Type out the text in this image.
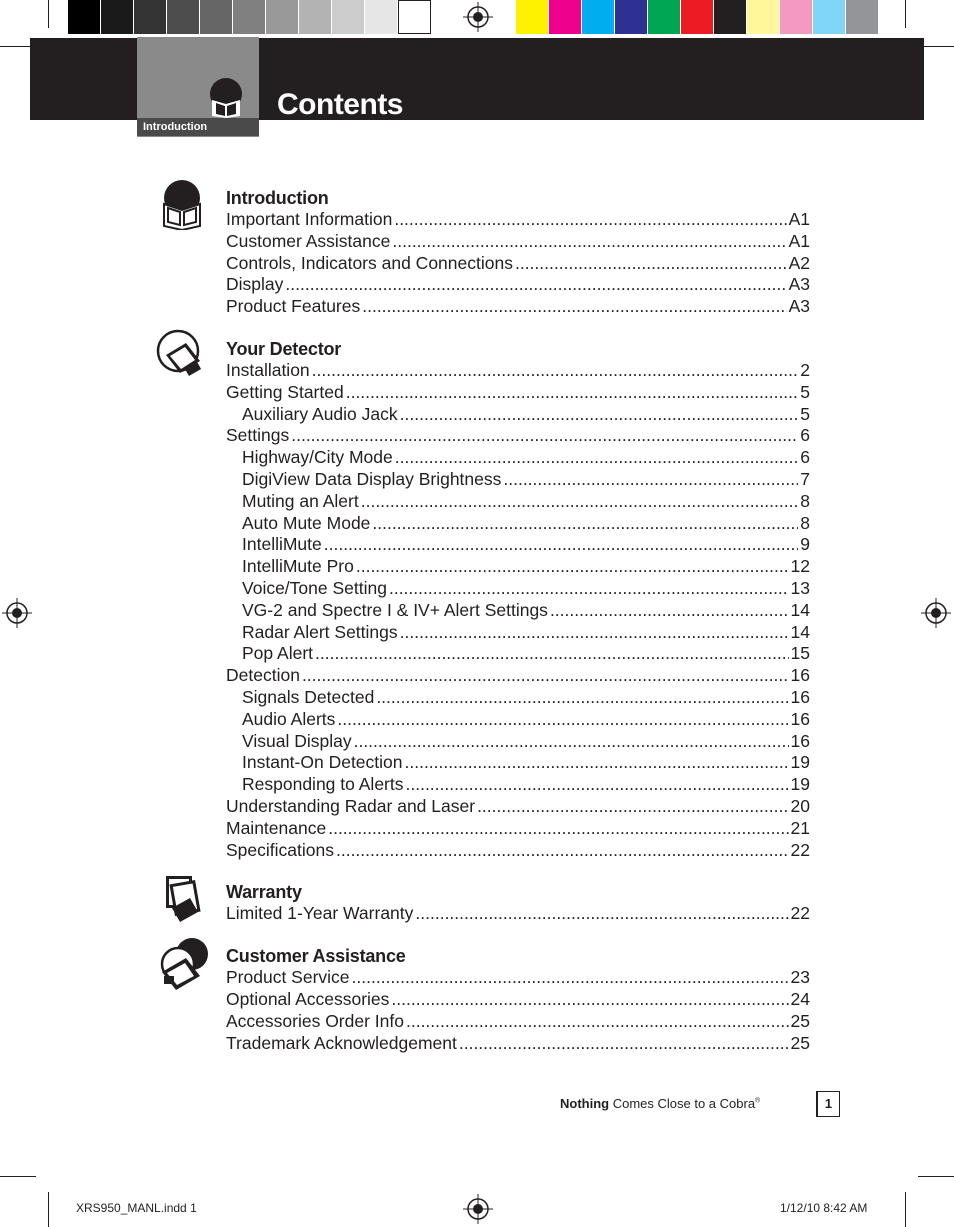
Introduction
Contents
Introduction
Important Information .....	A1
Customer Assistance .....	A1
Controls, Indicators and Connections .....	A2
Display .....	A3
Product Features .....	A3
Your Detector
Installation .....	2
Getting Started .....	5
Auxiliary Audio Jack .....	5
Settings .....	6
Highway/City Mode .....	6
DigiView Data Display Brightness .....	7
Muting an Alert .....	8
Auto Mute Mode .....	8
IntelliMute .....	9
IntelliMute Pro .....	12
Voice/Tone Setting .....	13
VG-2 and Spectre I & IV+ Alert Settings .....	14
Radar Alert Settings .....	14
Pop Alert .....	15
Detection .....	16
Signals Detected .....	16
Audio Alerts .....	16
Visual Display .....	16
Instant-On Detection .....	19
Responding to Alerts .....	19
Understanding Radar and Laser .....	20
Maintenance .....	21
Specifications .....	22
Warranty
Limited 1-Year Warranty .....	22
Customer Assistance
Product Service .....	23
Optional Accessories .....	24
Accessories Order Info .....	25
Trademark Acknowledgement .....	25
Nothing Comes Close to a Cobra®	1
XRS950_MANL.indd 1	1/12/10 8:42 AM
